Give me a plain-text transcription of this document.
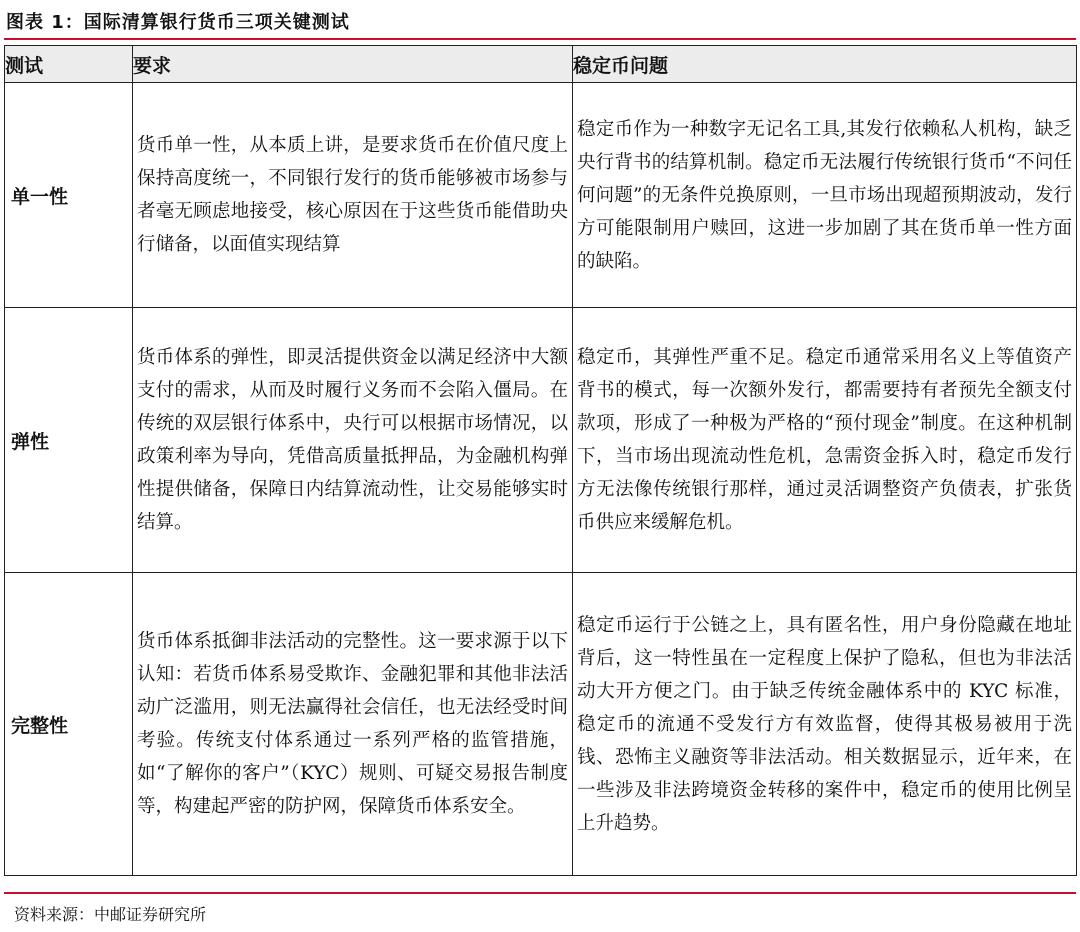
图表 1：国际清算银行货币三项关键测试
测试	要求	稳定币问题
单一性	货币单一性，从本质上讲，是要求货币在价值尺度上保持高度统一，不同银行发行的货币能够被市场参与者毫无顾虑地接受，核心原因在于这些货币能借助央行储备，以面值实现结算	稳定币作为一种数字无记名工具,其发行依赖私人机构，缺乏央行背书的结算机制。稳定币无法履行传统银行货币“不问任何问题”的无条件兑换原则，一旦市场出现超预期波动，发行方可能限制用户赎回，这进一步加剧了其在货币单一性方面的缺陷。
弹性	货币体系的弹性，即灵活提供资金以满足经济中大额支付的需求，从而及时履行义务而不会陷入僵局。在传统的双层银行体系中，央行可以根据市场情况，以政策利率为导向，凭借高质量抵押品，为金融机构弹性提供储备，保障日内结算流动性，让交易能够实时结算。	稳定币，其弹性严重不足。稳定币通常采用名义上等值资产背书的模式，每一次额外发行，都需要持有者预先全额支付款项，形成了一种极为严格的“预付现金”制度。在这种机制下，当市场出现流动性危机，急需资金拆入时，稳定币发行方无法像传统银行那样，通过灵活调整资产负债表，扩张货币供应来缓解危机。
完整性	货币体系抵御非法活动的完整性。这一要求源于以下认知：若货币体系易受欺诈、金融犯罪和其他非法活动广泛滥用，则无法赢得社会信任，也无法经受时间考验。传统支付体系通过一系列严格的监管措施，如“了解你的客户”（KYC）规则、可疑交易报告制度等，构建起严密的防护网，保障货币体系安全。	稳定币运行于公链之上，具有匿名性，用户身份隐藏在地址背后，这一特性虽在一定程度上保护了隐私，但也为非法活动大开方便之门。由于缺乏传统金融体系中的 KYC 标准，稳定币的流通不受发行方有效监督，使得其极易被用于洗钱、恐怖主义融资等非法活动。相关数据显示，近年来，在一些涉及非法跨境资金转移的案件中，稳定币的使用比例呈上升趋势。
资料来源：中邮证券研究所
